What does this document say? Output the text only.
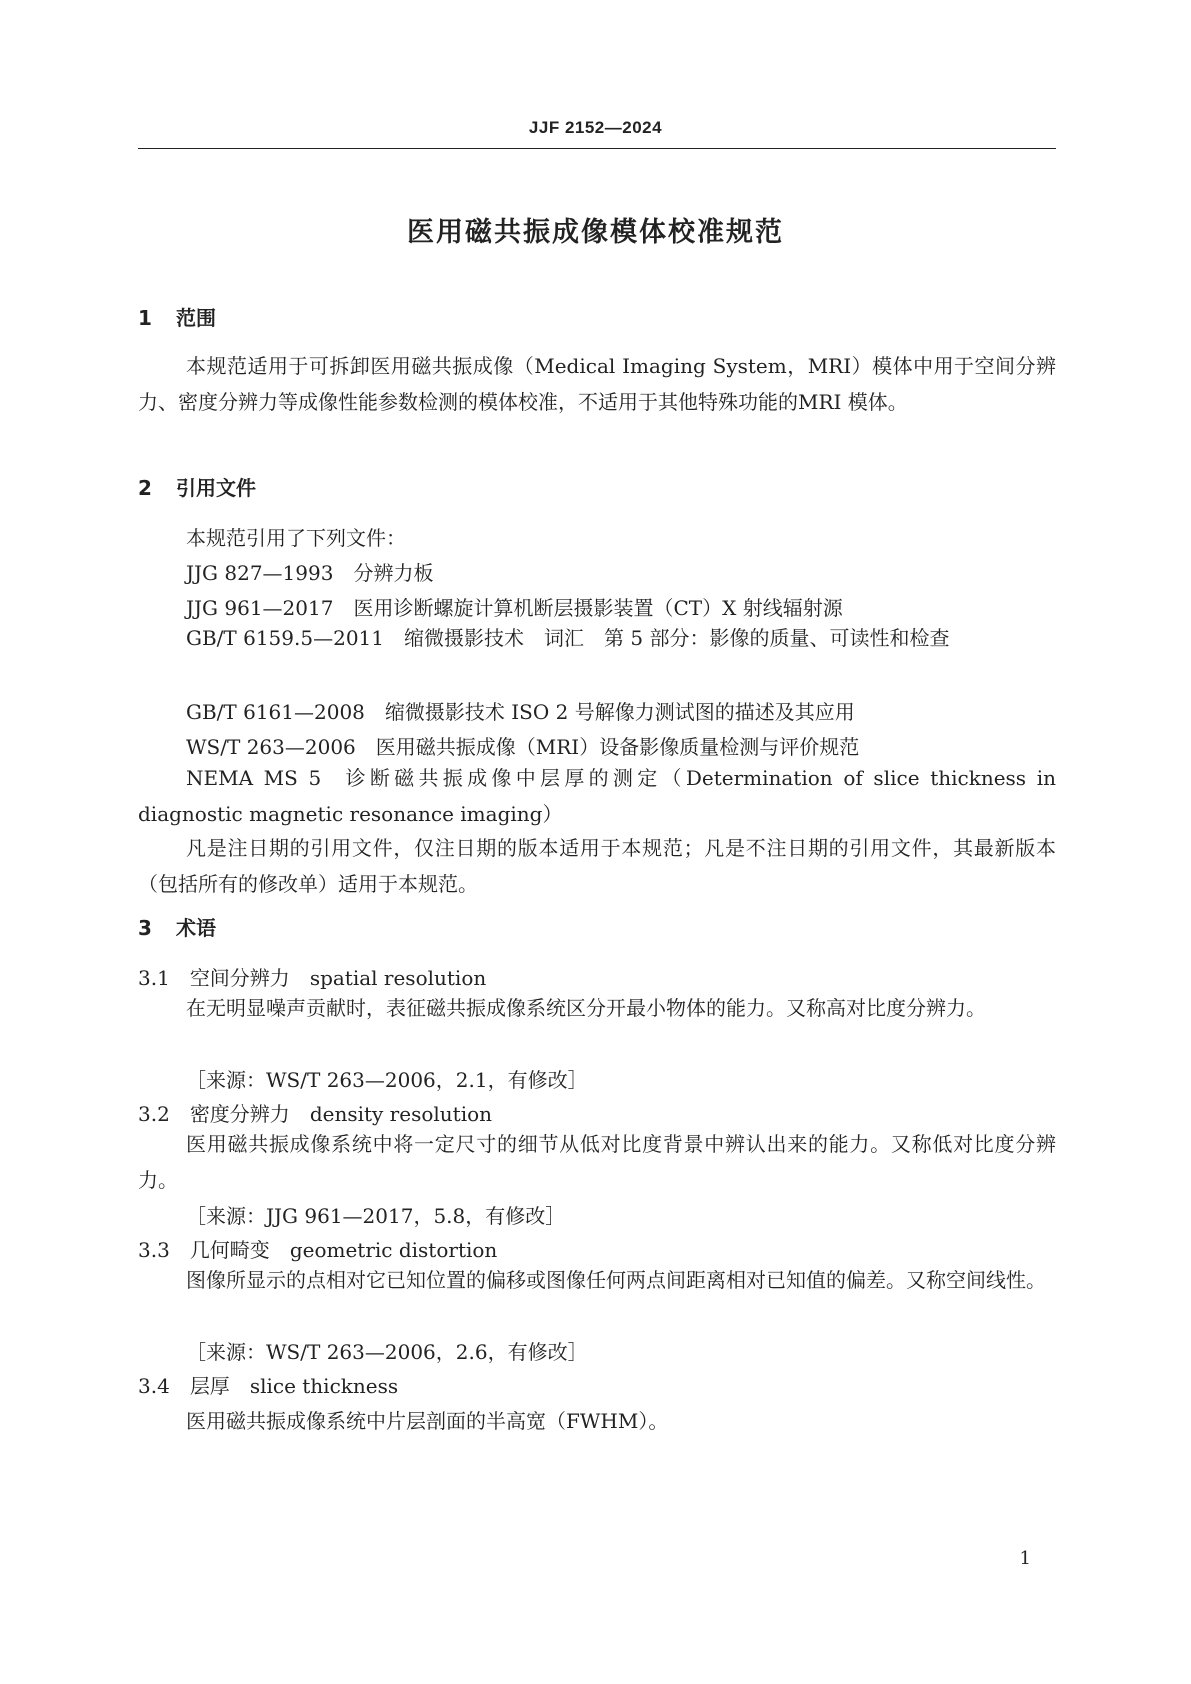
JJF 2152—2024
医用磁共振成像模体校准规范
1 范围

本规范适用于可拆卸医用磁共振成像（Medical Imaging System，MRI）模体中用于空间分辨力、密度分辨力等成像性能参数检测的模体校准，不适用于其他特殊功能的MRI 模体。

2 引用文件

本规范引用了下列文件：

JJG 827—1993 分辨力板

JJG 961—2017 医用诊断螺旋计算机断层摄影装置（CT）X 射线辐射源

GB/T 6159.5—2011 缩微摄影技术　词汇　第 5 部分：影像的质量、可读性和检查

GB/T 6161—2008 缩微摄影技术 ISO 2 号解像力测试图的描述及其应用

WS/T 263—2006 医用磁共振成像（MRI）设备影像质量检测与评价规范

NEMA MS 5 诊断磁共振成像中层厚的测定（Determination of slice thickness in diagnostic magnetic resonance imaging）

凡是注日期的引用文件，仅注日期的版本适用于本规范；凡是不注日期的引用文件，其最新版本（包括所有的修改单）适用于本规范。

3 术语

3.1 空间分辨力 spatial resolution

在无明显噪声贡献时，表征磁共振成像系统区分开最小物体的能力。又称高对比度分辨力。

［来源：WS/T 263—2006，2.1，有修改］

3.2 密度分辨力 density resolution

医用磁共振成像系统中将一定尺寸的细节从低对比度背景中辨认出来的能力。又称低对比度分辨力。

［来源：JJG 961—2017，5.8，有修改］

3.3 几何畸变 geometric distortion

图像所显示的点相对它已知位置的偏移或图像任何两点间距离相对已知值的偏差。又称空间线性。

［来源：WS/T 263—2006，2.6，有修改］

3.4 层厚 slice thickness

医用磁共振成像系统中片层剖面的半高宽（FWHM）。

1
